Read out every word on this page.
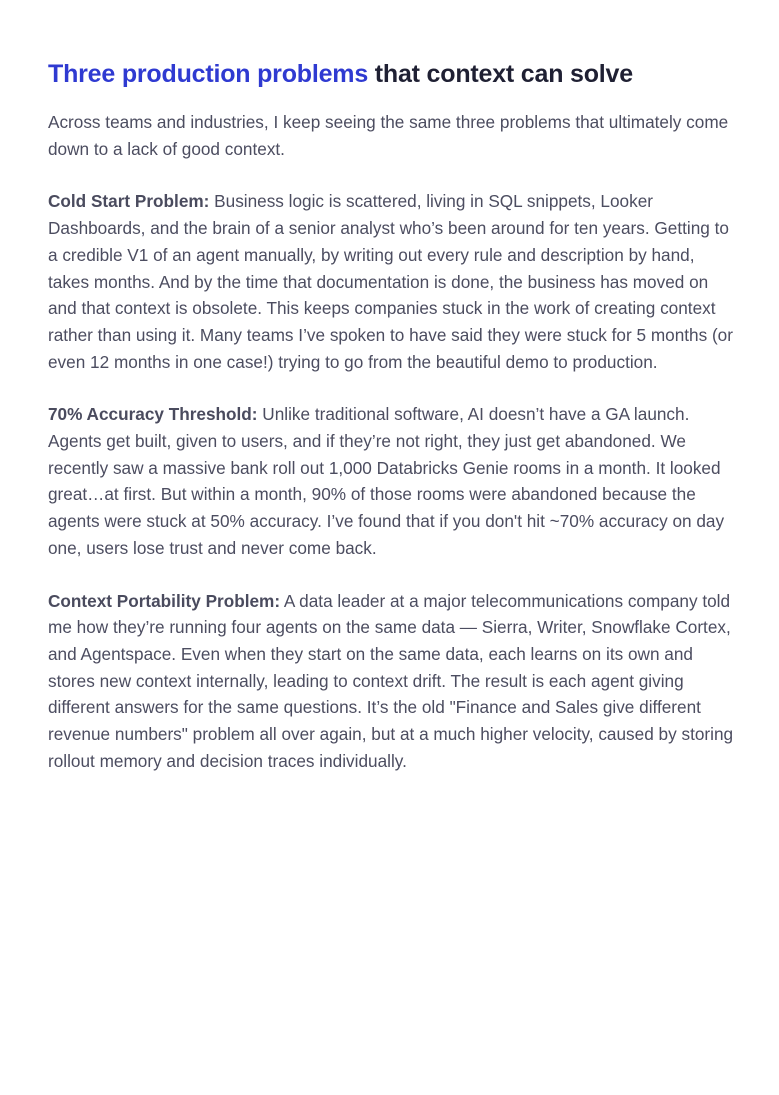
Three production problems that context can solve

Across teams and industries, I keep seeing the same three problems that ultimately come down to a lack of good context.

Cold Start Problem: Business logic is scattered, living in SQL snippets, Looker Dashboards, and the brain of a senior analyst who’s been around for ten years. Getting to a credible V1 of an agent manually, by writing out every rule and description by hand, takes months. And by the time that documentation is done, the business has moved on and that context is obsolete. This keeps companies stuck in the work of creating context rather than using it. Many teams I’ve spoken to have said they were stuck for 5 months (or even 12 months in one case!) trying to go from the beautiful demo to production.

70% Accuracy Threshold: Unlike traditional software, AI doesn’t have a GA launch. Agents get built, given to users, and if they’re not right, they just get abandoned. We recently saw a massive bank roll out 1,000 Databricks Genie rooms in a month. It looked great…at first. But within a month, 90% of those rooms were abandoned because the agents were stuck at 50% accuracy. I’ve found that if you don't hit ~70% accuracy on day one, users lose trust and never come back.

Context Portability Problem: A data leader at a major telecommunications company told me how they’re running four agents on the same data — Sierra, Writer, Snowflake Cortex, and Agentspace. Even when they start on the same data, each learns on its own and stores new context internally, leading to context drift. The result is each agent giving different answers for the same questions. It’s the old "Finance and Sales give different revenue numbers" problem all over again, but at a much higher velocity, caused by storing rollout memory and decision traces individually.
